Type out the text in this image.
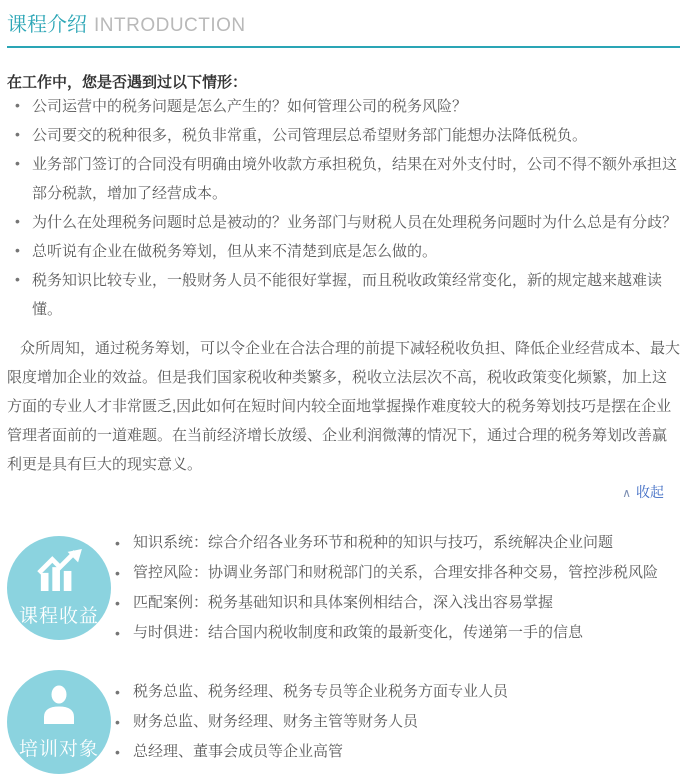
课程介绍 INTRODUCTION

在工作中，您是否遇到过以下情形：

• 公司运营中的税务问题是怎么产生的？如何管理公司的税务风险？
• 公司要交的税种很多，税负非常重，公司管理层总希望财务部门能想办法降低税负。
• 业务部门签订的合同没有明确由境外收款方承担税负，结果在对外支付时，公司不得不额外承担这部分税款，增加了经营成本。
• 为什么在处理税务问题时总是被动的？业务部门与财税人员在处理税务问题时为什么总是有分歧？
• 总听说有企业在做税务筹划，但从来不清楚到底是怎么做的。
• 税务知识比较专业，一般财务人员不能很好掌握，而且税收政策经常变化，新的规定越来越难读懂。

众所周知，通过税务筹划，可以令企业在合法合理的前提下减轻税收负担、降低企业经营成本、最大限度增加企业的效益。但是我们国家税收种类繁多，税收立法层次不高，税收政策变化频繁，加上这方面的专业人才非常匮乏,因此如何在短时间内较全面地掌握操作难度较大的税务筹划技巧是摆在企业管理者面前的一道难题。在当前经济增长放缓、企业利润微薄的情况下，通过合理的税务筹划改善赢利更是具有巨大的现实意义。

∧ 收起
课程收益
• 知识系统：综合介绍各业务环节和税种的知识与技巧，系统解决企业问题
• 管控风险：协调业务部门和财税部门的关系，合理安排各种交易，管控涉税风险
• 匹配案例：税务基础知识和具体案例相结合，深入浅出容易掌握
• 与时俱进：结合国内税收制度和政策的最新变化，传递第一手的信息
培训对象
• 税务总监、税务经理、税务专员等企业税务方面专业人员
• 财务总监、财务经理、财务主管等财务人员
• 总经理、董事会成员等企业高管
